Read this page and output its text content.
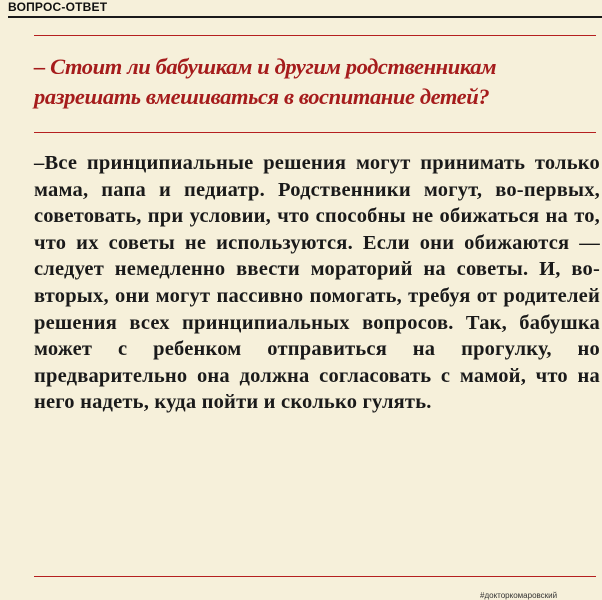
ВОПРОС-ОТВЕТ
– Стоит ли бабушкам и другим родственникам разрешать вмешиваться в воспитание детей?
–Все принципиальные решения могут принимать только мама, папа и педиатр. Родственники могут, во-первых, советовать, при условии, что способны не обижаться на то, что их советы не используются. Если они обижаются — следует немедленно ввести мораторий на советы. И, во-вторых, они могут пассивно помогать, требуя от родителей решения всех принципиальных вопросов. Так, бабушка может с ребенком отправиться на прогулку, но предварительно она должна согласовать с мамой, что на него надеть, куда пойти и сколько гулять.
#докторкомаровский
